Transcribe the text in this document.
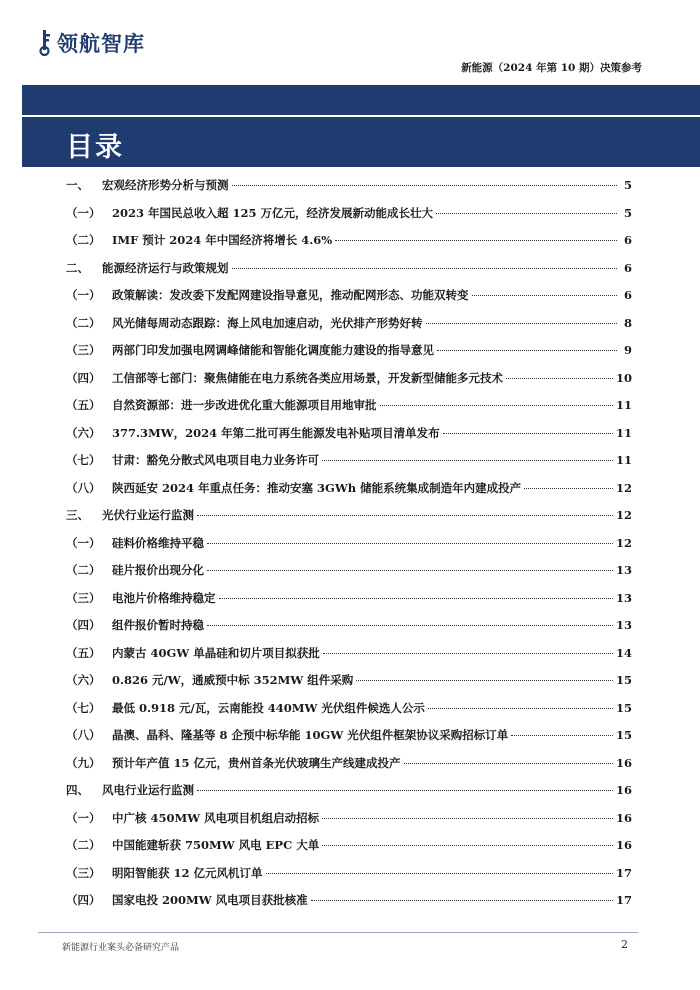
领航智库
新能源（2024 年第 10 期）决策参考
目录
一、	宏观经济形势分析与预测	5
（一）	2023 年国民总收入超 125 万亿元，经济发展新动能成长壮大	5
（二）	IMF 预计 2024 年中国经济将增长 4.6%	6
二、	能源经济运行与政策规划	6
（一）	政策解读：发改委下发配网建设指导意见，推动配网形态、功能双转变	6
（二）	风光储每周动态跟踪：海上风电加速启动，光伏排产形势好转	8
（三）	两部门印发加强电网调峰储能和智能化调度能力建设的指导意见	9
（四）	工信部等七部门：聚焦储能在电力系统各类应用场景，开发新型储能多元技术	10
（五）	自然资源部：进一步改进优化重大能源项目用地审批	11
（六）	377.3MW，2024 年第二批可再生能源发电补贴项目清单发布	11
（七）	甘肃：豁免分散式风电项目电力业务许可	11
（八）	陕西延安 2024 年重点任务：推动安塞 3GWh 储能系统集成制造年内建成投产	12
三、	光伏行业运行监测	12
（一）	硅料价格维持平稳	12
（二）	硅片报价出现分化	13
（三）	电池片价格维持稳定	13
（四）	组件报价暂时持稳	13
（五）	内蒙古 40GW 单晶硅和切片项目拟获批	14
（六）	0.826 元/W，通威预中标 352MW 组件采购	15
（七）	最低 0.918 元/瓦，云南能投 440MW 光伏组件候选人公示	15
（八）	晶澳、晶科、隆基等 8 企预中标华能 10GW 光伏组件框架协议采购招标订单	15
（九）	预计年产值 15 亿元，贵州首条光伏玻璃生产线建成投产	16
四、	风电行业运行监测	16
（一）	中广核 450MW 风电项目机组启动招标	16
（二）	中国能建斩获 750MW 风电 EPC 大单	16
（三）	明阳智能获 12 亿元风机订单	17
（四）	国家电投 200MW 风电项目获批核准	17
新能源行业案头必备研究产品	2
